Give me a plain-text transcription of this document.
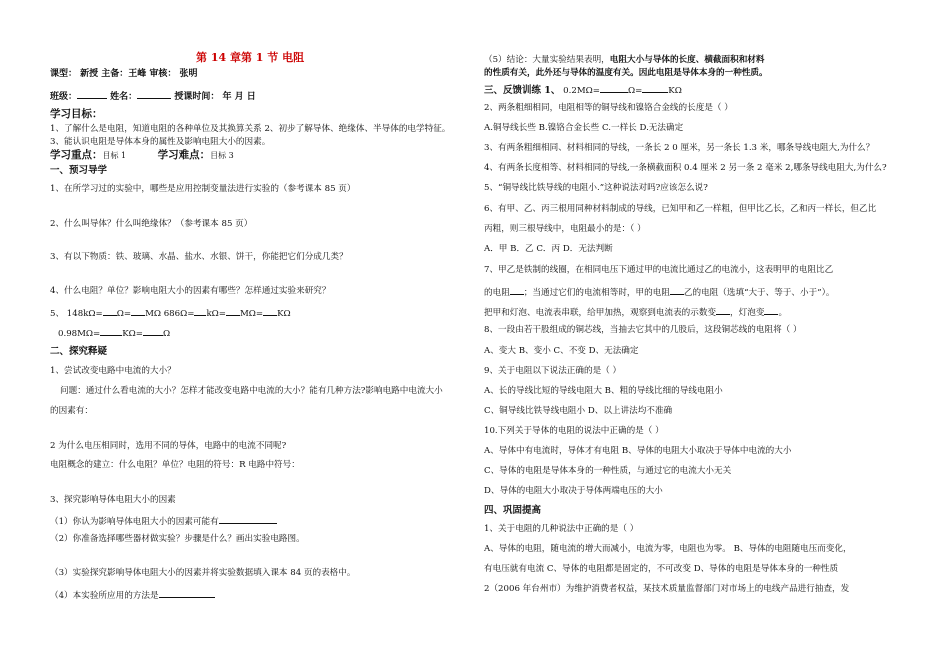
第 14 章第 1 节 电阻
课型： 新授 主备：王峰 审核： 张明
班级：	姓名：	授课时间： 年 月 日
学习目标：
1、了解什么是电阻，知道电阻的各种单位及其换算关系 2、初步了解导体、绝缘体、半导体的电学特征。
3、能认识电阻是导体本身的属性及影响电阻大小的因素。
学习重点：目标 1	学习难点：目标 3
一、预习导学
1、在所学习过的实验中，哪些是应用控制变量法进行实验的（参考课本 85 页）
2、什么叫导体？什么叫绝缘体？（参考课本 85 页）
3、有以下物质：铁、玻璃、水晶、盐水、水银、饼干，你能把它们分成几类？
4、什么电阻？单位？影响电阻大小的因素有哪些？怎样通过实验来研究？
5、 148kΩ= Ω= MΩ 686Ω= kΩ= MΩ= KΩ
0.98MΩ=	KΩ= Ω
二、探究释疑
1、尝试改变电路中电流的大小？
问题：通过什么看电流的大小？怎样才能改变电路中电流的大小？能有几种方法?影响电路中电流大小
的因素有：
2 为什么电压相同时，选用不同的导体，电路中的电流不同呢?
电阻概念的建立：什么电阻？单位？电阻的符号：R 电路中符号：
3、探究影响导体电阻大小的因素
（1）你认为影响导体电阻大小的因素可能有
（2）你准备选择哪些器材做实验？步骤是什么？画出实验电路图。
（3）实验探究影响导体电阻大小的因素并将实验数据填入课本 84 页的表格中。
（4）本实验所应用的方法是
（5）结论：大量实验结果表明，电阻大小与导体的长度、横截面积和材料
的性质有关，此外还与导体的温度有关。因此电阻是导体本身的一种性质。
三、反馈训练 1、 0.2MΩ=	Ω=	KΩ
2、两条粗细相同，电阻相等的铜导线和镍铬合金线的长度是（ ）
A.铜导线长些 B.镍铬合金长些 C.一样长 D.无法确定
3、有两条粗细相同、材料相同的导线，一条长 2 0 厘米，另一条长 1.3 米，哪条导线电阻大,为什么？
4、有两条长度相等、材料相同的导线,一条横截面积 0.4 厘米 2 另一条 2 毫米 2,哪条导线电阻大,为什么?
5、“铜导线比铁导线的电阻小.”这种说法对吗?应该怎么说?
6、有甲、乙、丙三根用同种材料制成的导线，已知甲和乙一样粗，但甲比乙长，乙和丙一样长，但乙比
丙粗，则三根导线中，电阻最小的是：（ ）
A．甲 B．乙 C．丙 D．无法判断
7、甲乙是铁制的线圈，在相同电压下通过甲的电流比通过乙的电流小，这表明甲的电阻比乙
的电阻 ；当通过它们的电流相等时，甲的电阻 乙的电阻（选填“大于、等于、小于”）。
把甲和灯泡、电流表串联，给甲加热，观察到电流表的示数变 ，灯泡变 。
8、一段由若干股组成的铜芯线，当抽去它其中的几股后，这段铜芯线的电阻将（ ）
A、变大 B、变小 C、不变 D、无法确定
9、关于电阻以下说法正确的是（ ）
A、长的导线比短的导线电阻大 B、粗的导线比细的导线电阻小
C、铜导线比铁导线电阻小 D、以上讲法均不准确
10.下列关于导体的电阻的说法中正确的是（ ）
A、导体中有电流时，导体才有电阻 B、导体的电阻大小取决于导体中电流的大小
C、导体的电阻是导体本身的一种性质，与通过它的电流大小无关
D、导体的电阻大小取决于导体两端电压的大小
四、巩固提高
1、关于电阻的几种说法中正确的是（ ）
A、导体的电阻，随电流的增大而减小，电流为零，电阻也为零。 B、导体的电阻随电压而变化，
有电压就有电流 C、导体的电阻都是固定的，不可改变 D、导体的电阻是导体本身的一种性质
2（2006 年台州市）为维护消费者权益，某技术质量监督部门对市场上的电线产品进行抽查，发
